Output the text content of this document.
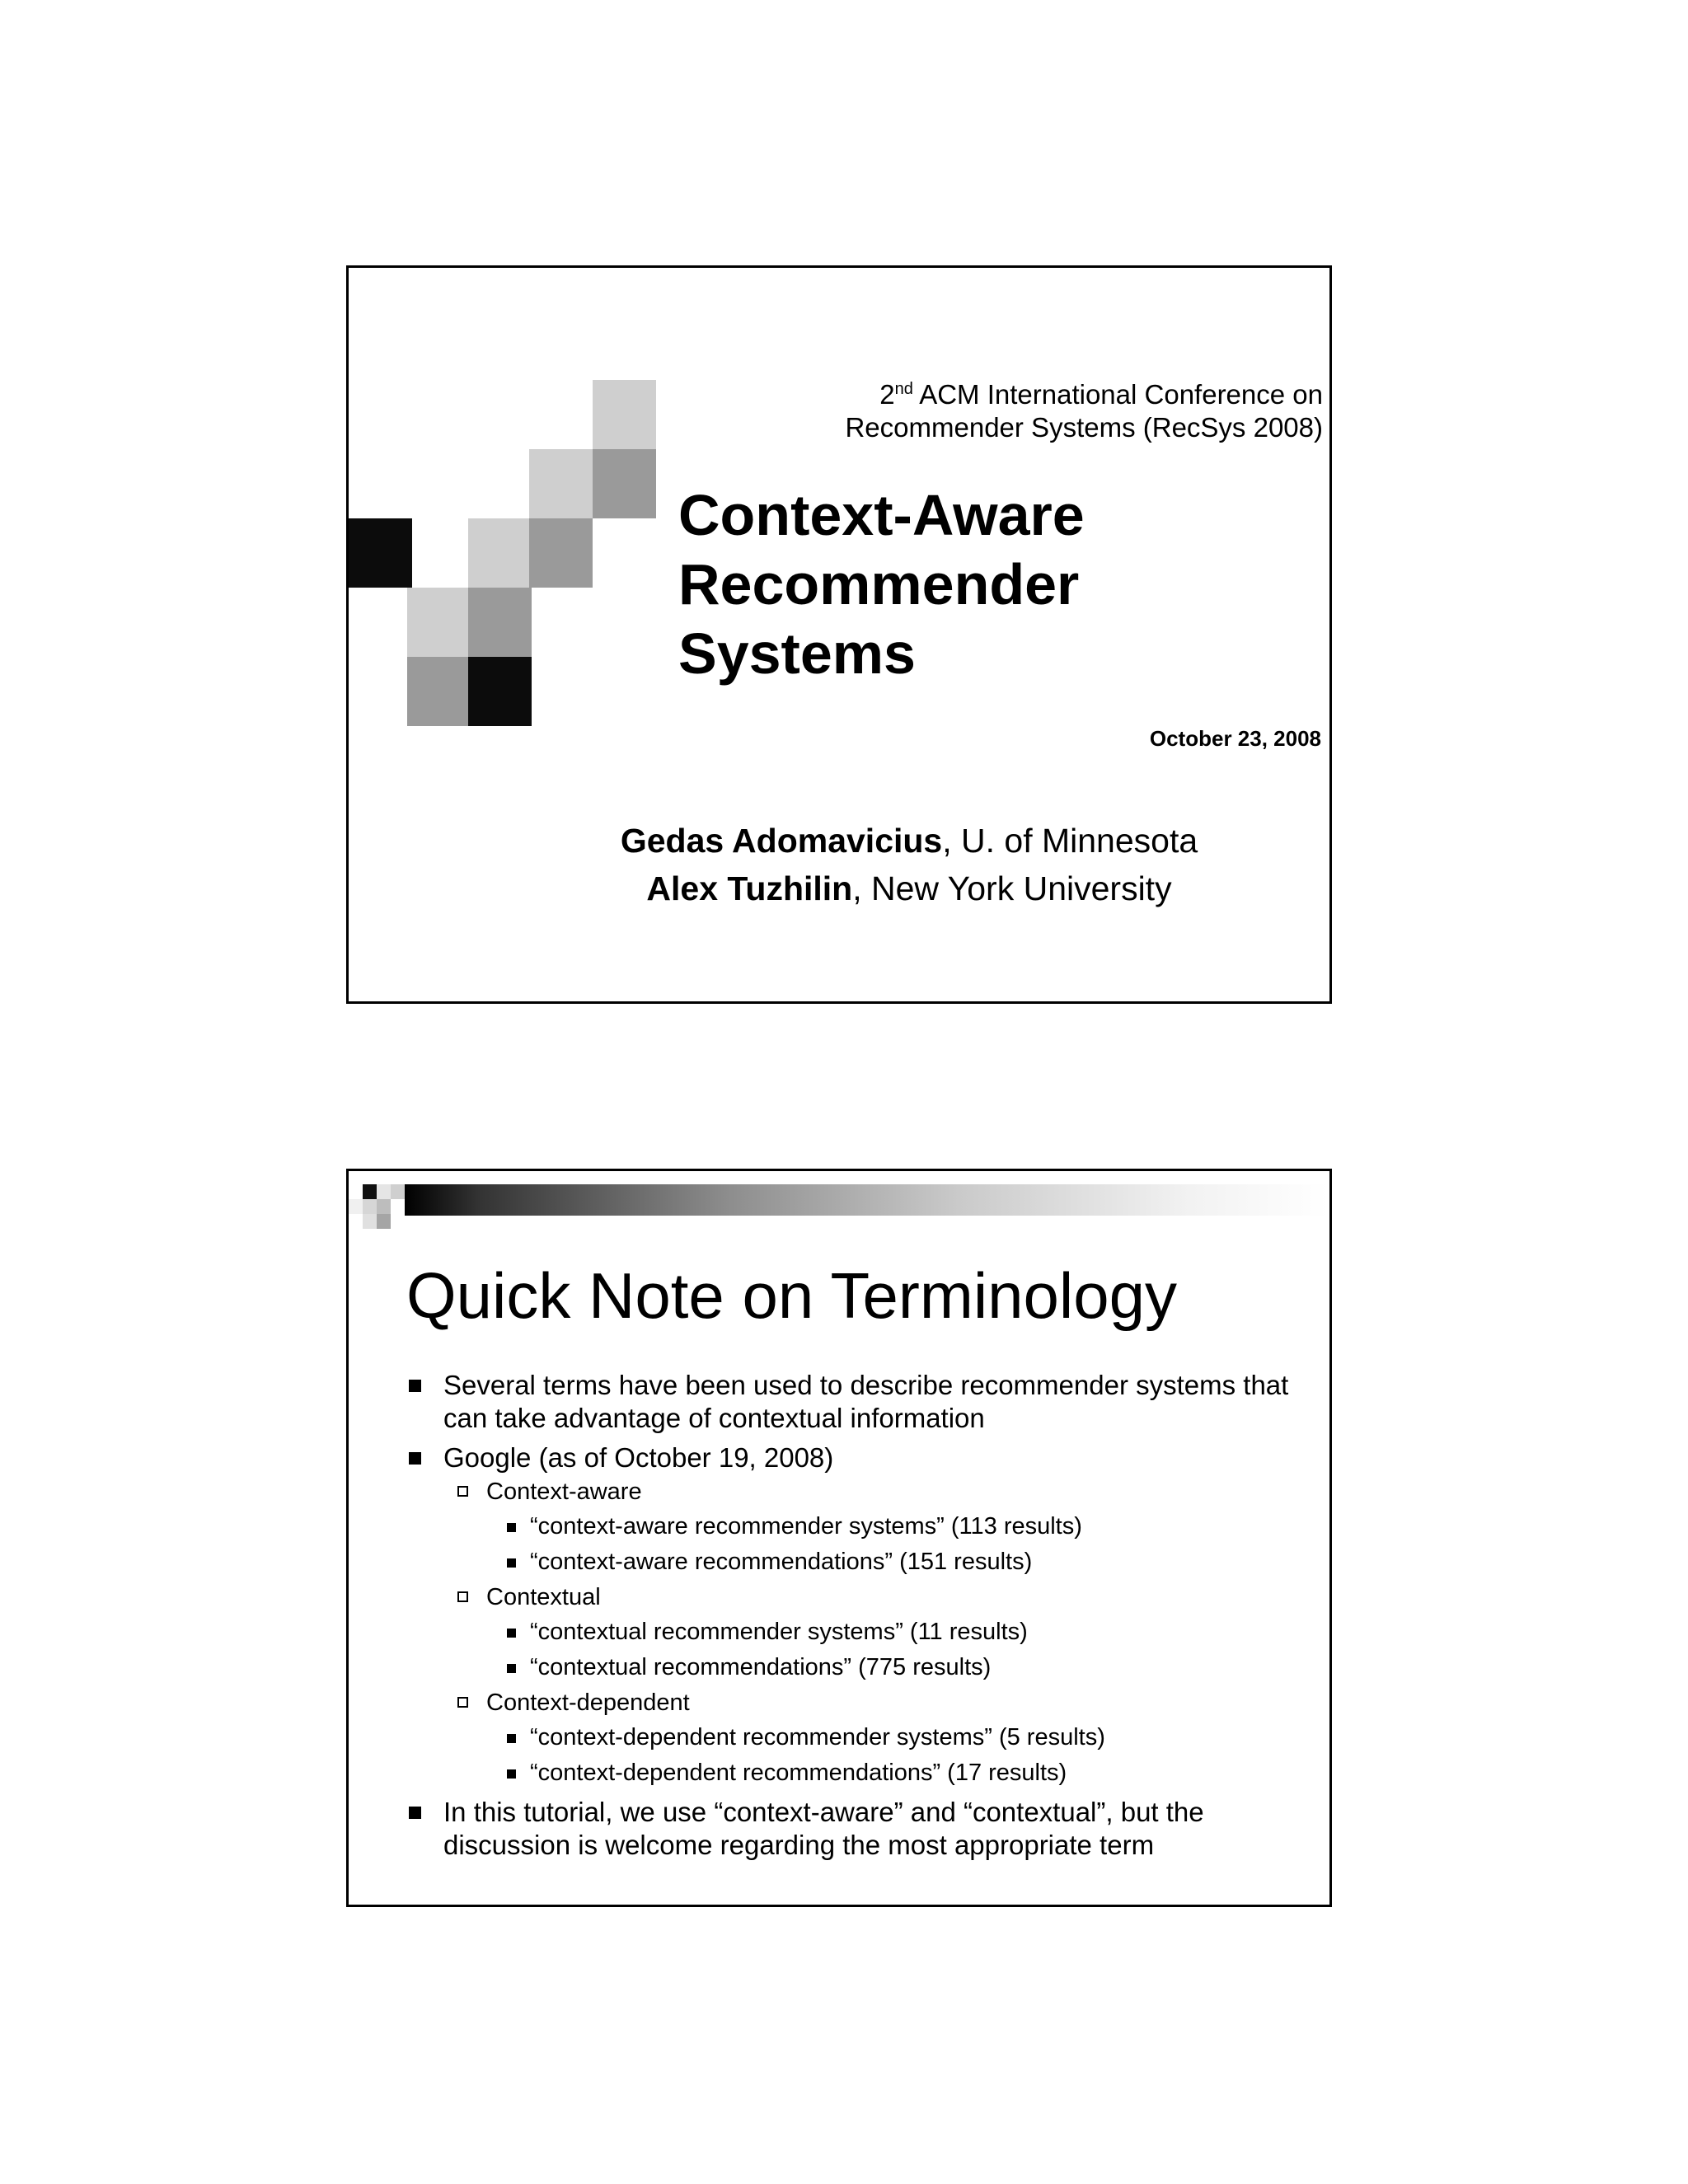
2nd ACM International Conference on
Recommender Systems (RecSys 2008)
Context-Aware
Recommender
Systems
October 23, 2008
Gedas Adomavicius, U. of Minnesota
Alex Tuzhilin, New York University
Quick Note on Terminology
Several terms have been used to describe recommender systems that can take advantage of contextual information
Google (as of October 19, 2008)
Context-aware
“context-aware recommender systems” (113 results)
“context-aware recommendations” (151 results)
Contextual
“contextual recommender systems” (11 results)
“contextual recommendations” (775 results)
Context-dependent
“context-dependent recommender systems” (5 results)
“context-dependent recommendations” (17 results)
In this tutorial, we use “context-aware” and “contextual”, but the discussion is welcome regarding the most appropriate term
